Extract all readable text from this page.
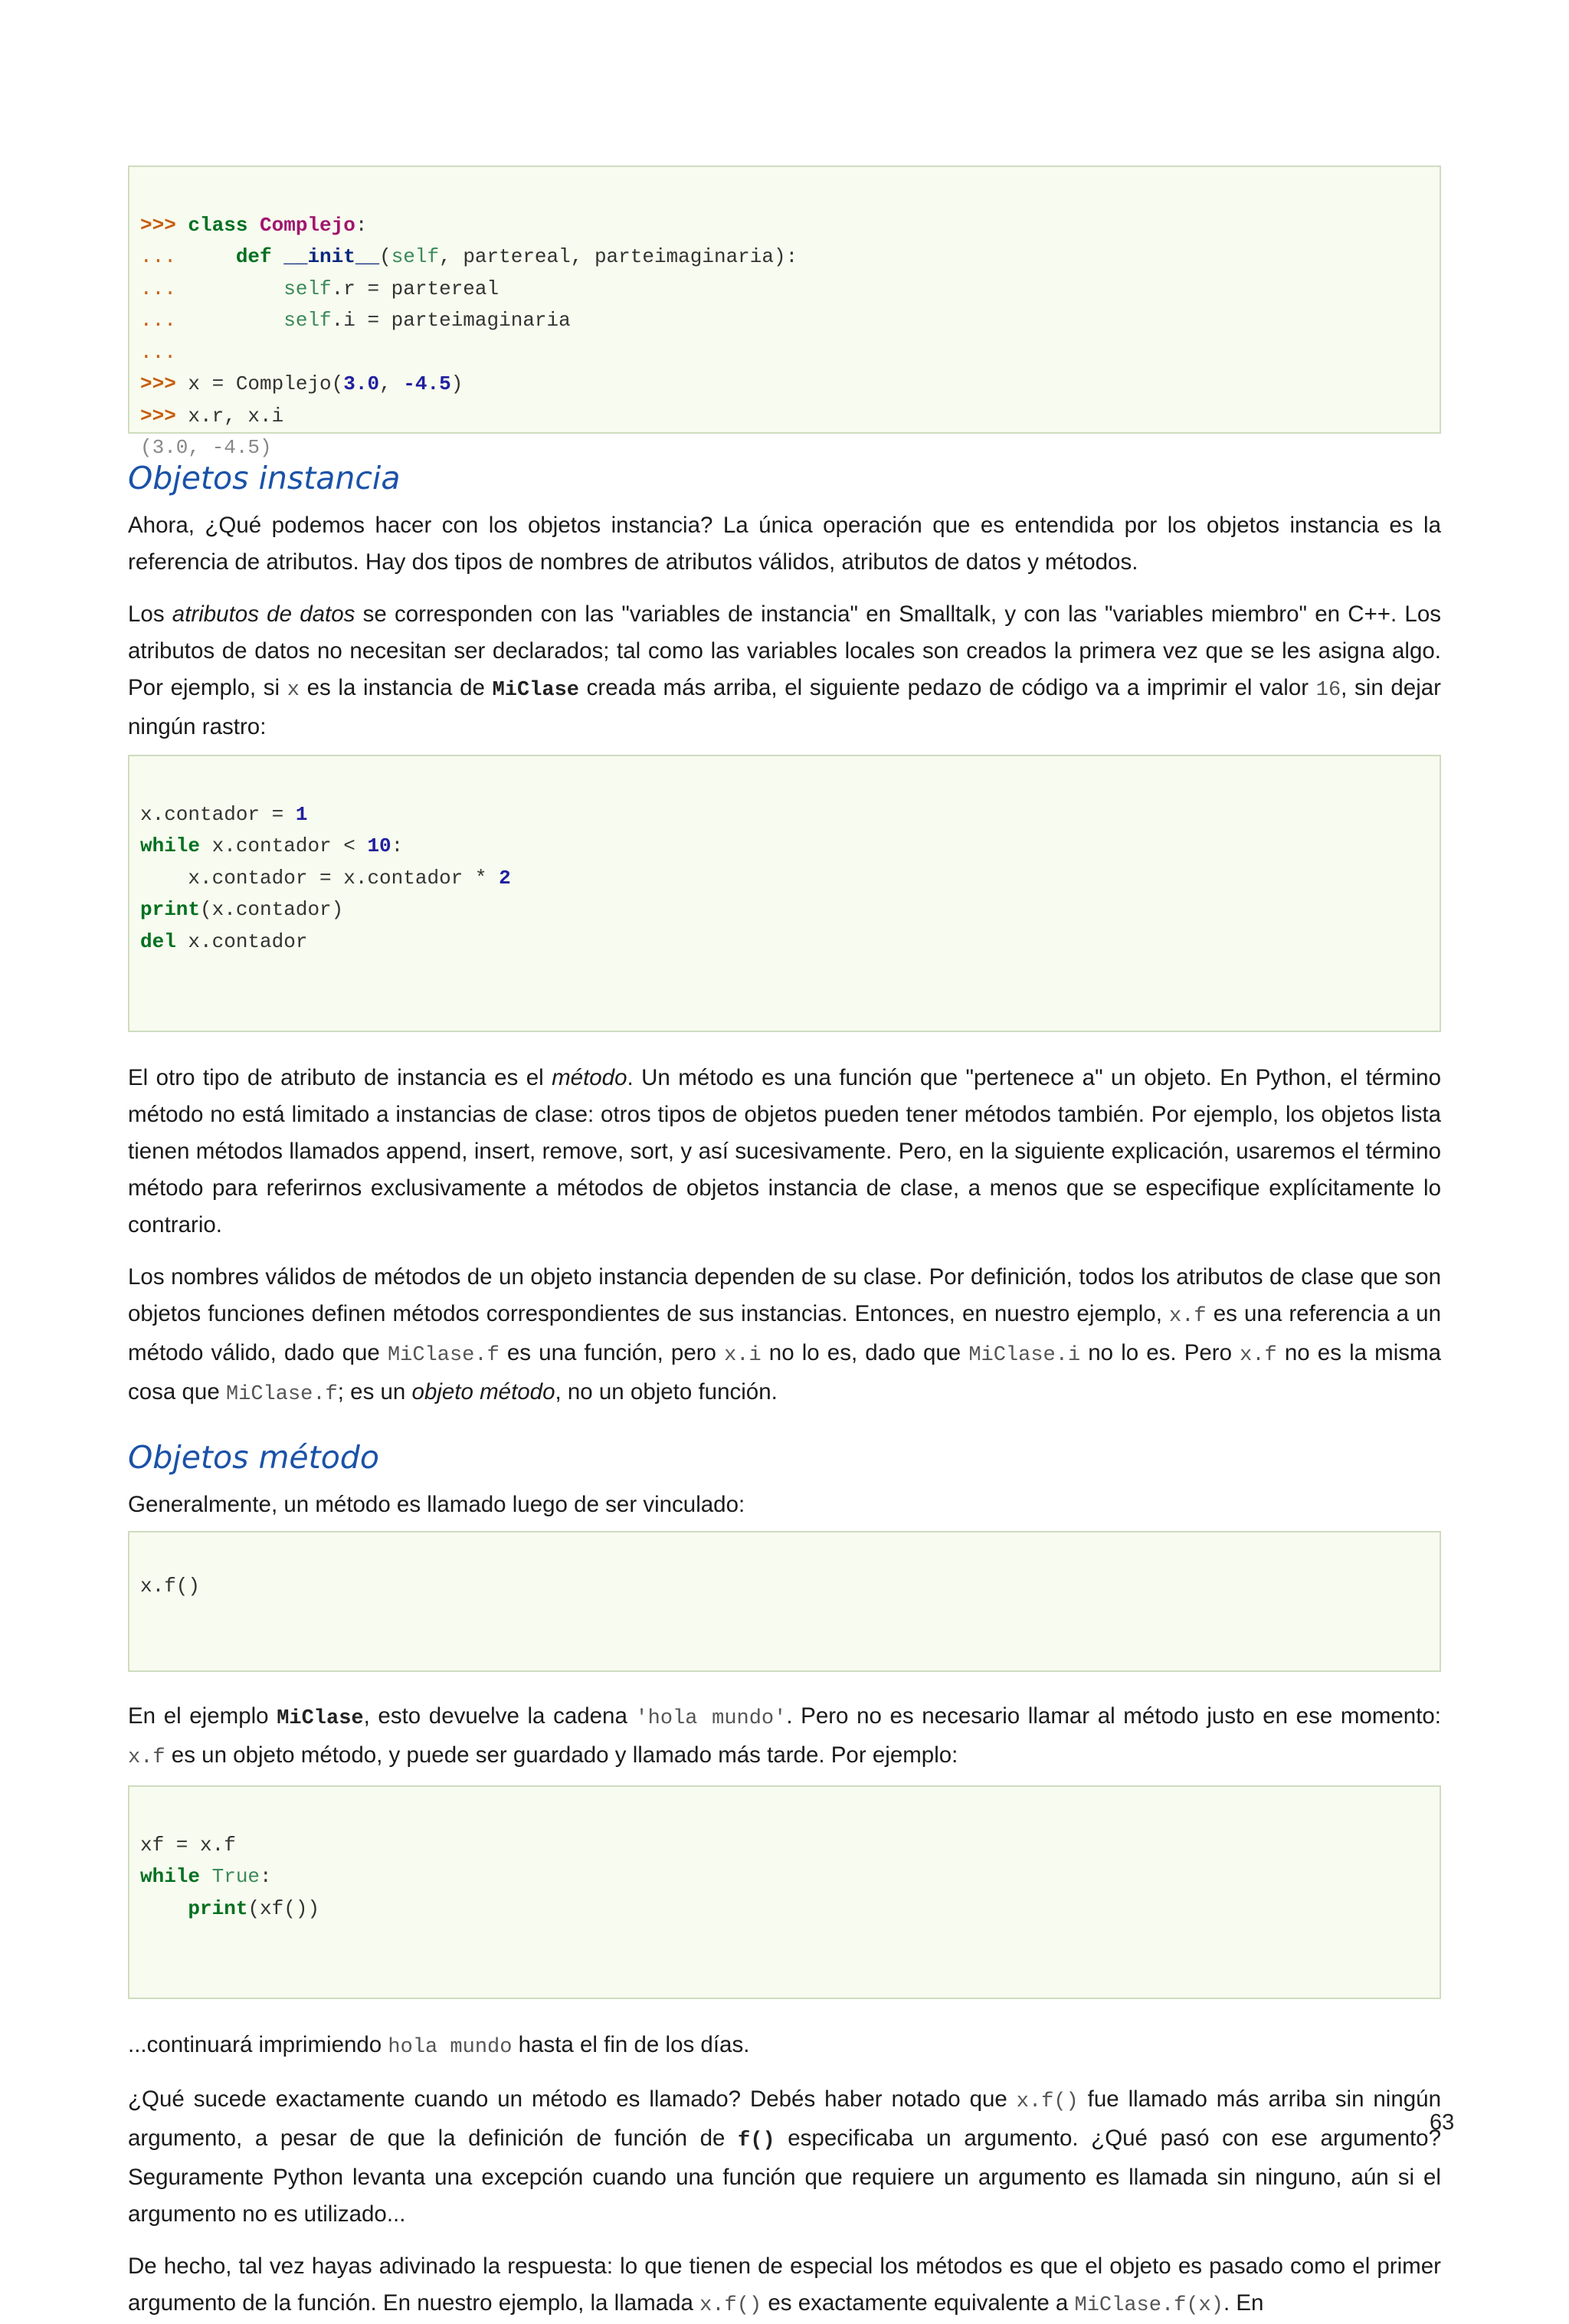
>>> class Complejo:
...	def __init__(self, partereal, parteimaginaria):
...	self.r = partereal
...	self.i = parteimaginaria
...
>>> x = Complejo(3.0, -4.5)
>>> x.r, x.i
(3.0, -4.5)

Objetos instancia

Ahora, ¿Qué podemos hacer con los objetos instancia? La única operación que es entendida por los objetos instancia es la referencia de atributos. Hay dos tipos de nombres de atributos válidos, atributos de datos y métodos.

Los atributos de datos se corresponden con las "variables de instancia" en Smalltalk, y con las "variables miembro" en C++. Los atributos de datos no necesitan ser declarados; tal como las variables locales son creados la primera vez que se les asigna algo. Por ejemplo, si x es la instancia de MiClase creada más arriba, el siguiente pedazo de código va a imprimir el valor 16, sin dejar ningún rastro:

x.contador = 1
while x.contador < 10:
x.contador = x.contador * 2
print(x.contador)
del x.contador

El otro tipo de atributo de instancia es el método. Un método es una función que "pertenece a" un objeto. En Python, el término método no está limitado a instancias de clase: otros tipos de objetos pueden tener métodos también. Por ejemplo, los objetos lista tienen métodos llamados append, insert, remove, sort, y así sucesivamente. Pero, en la siguiente explicación, usaremos el término método para referirnos exclusivamente a métodos de objetos instancia de clase, a menos que se especifique explícitamente lo contrario.

Los nombres válidos de métodos de un objeto instancia dependen de su clase. Por definición, todos los atributos de clase que son objetos funciones definen métodos correspondientes de sus instancias. Entonces, en nuestro ejemplo, x.f es una referencia a un método válido, dado que MiClase.f es una función, pero x.i no lo es, dado que MiClase.i no lo es. Pero x.f no es la misma cosa que MiClase.f; es un objeto método, no un objeto función.

Objetos método

Generalmente, un método es llamado luego de ser vinculado:

x.f()

En el ejemplo MiClase, esto devuelve la cadena 'hola mundo'. Pero no es necesario llamar al método justo en ese momento: x.f es un objeto método, y puede ser guardado y llamado más tarde. Por ejemplo:

xf = x.f
while True:
print(xf())

...continuará imprimiendo hola mundo hasta el fin de los días.

¿Qué sucede exactamente cuando un método es llamado? Debés haber notado que x.f() fue llamado más arriba sin ningún argumento, a pesar de que la definición de función de f() especificaba un argumento. ¿Qué pasó con ese argumento? Seguramente Python levanta una excepción cuando una función que requiere un argumento es llamada sin ninguno, aún si el argumento no es utilizado...

De hecho, tal vez hayas adivinado la respuesta: lo que tienen de especial los métodos es que el objeto es pasado como el primer argumento de la función. En nuestro ejemplo, la llamada x.f() es exactamente equivalente a MiClase.f(x). En

63
